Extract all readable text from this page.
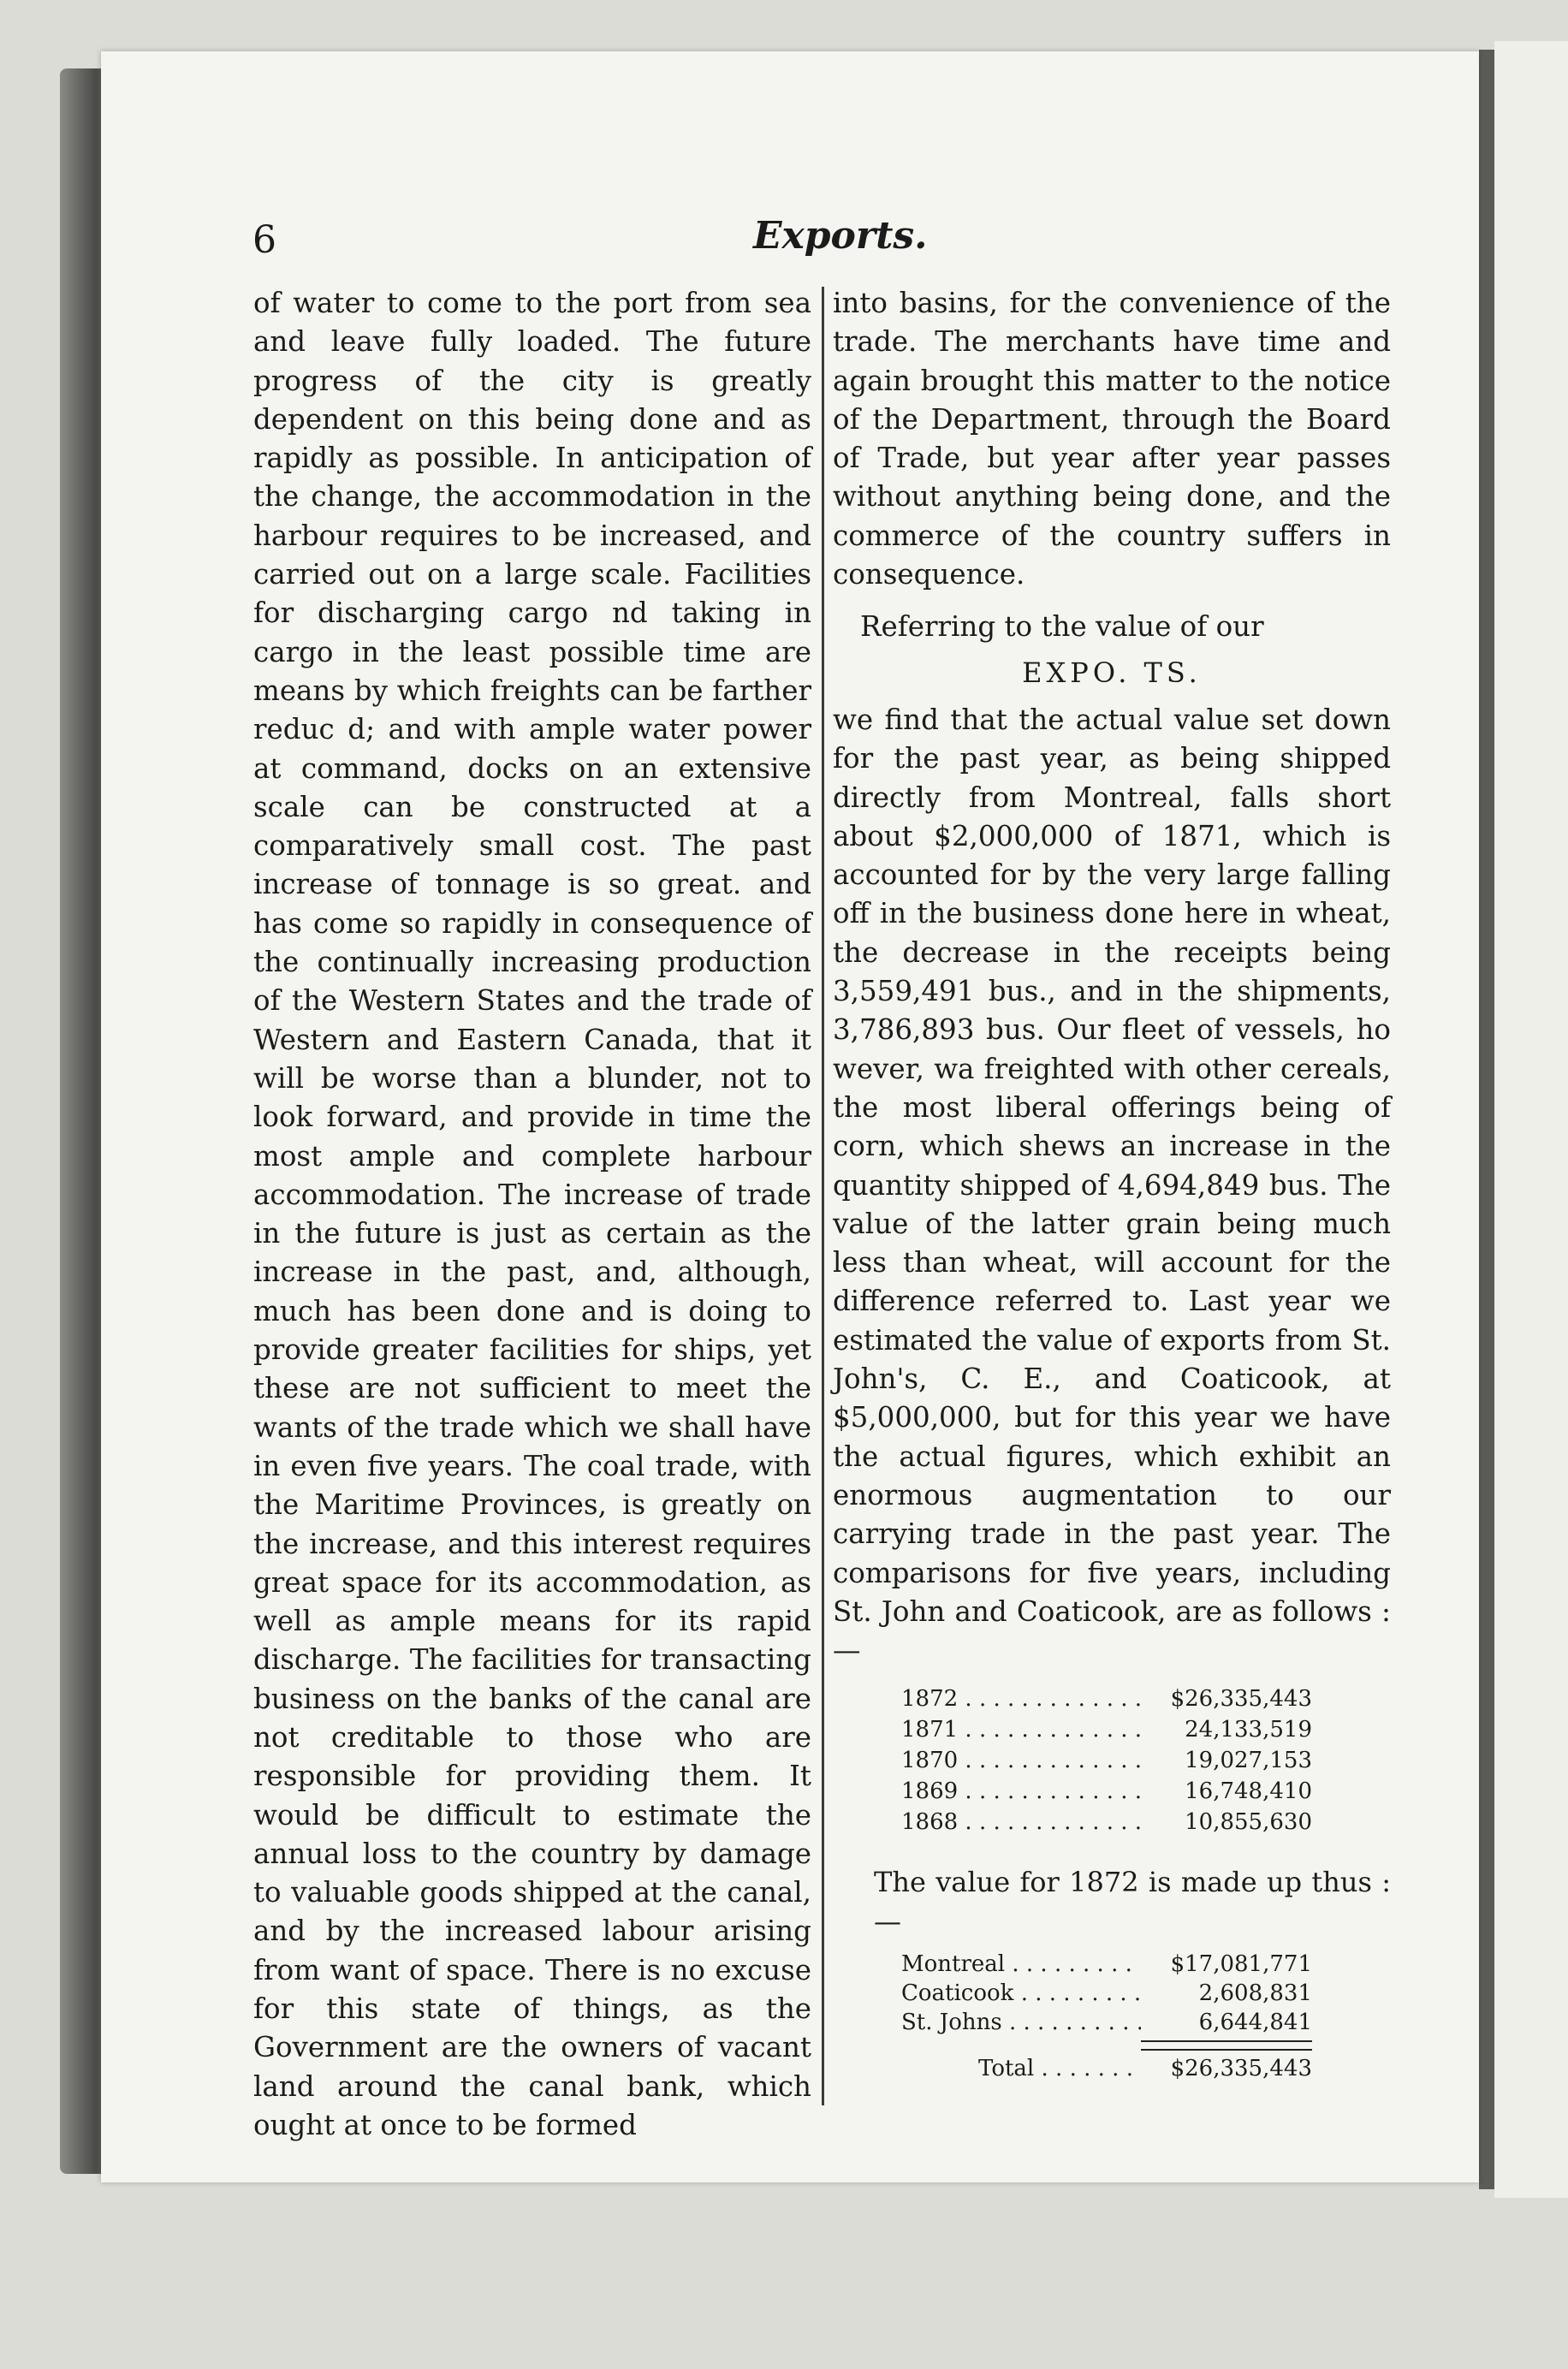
6	Exports.

of water to come to the port from sea and leave fully loaded. The future progress of the city is greatly dependent on this being done and as rapidly as possible. In anticipation of the change, the accommodation in the harbour requires to be increased, and carried out on a large scale. Facilities for discharging cargo nd taking in cargo in the least possible time are means by which freights can be farther reduc d; and with ample water power at command, docks on an extensive scale can be constructed at a comparatively small cost. The past increase of tonnage is so great. and has come so rapidly in consequence of the continually increasing production of the Western States and the trade of Western and Eastern Canada, that it will be worse than a blunder, not to look forward, and provide in time the most ample and complete harbour accommodation. The increase of trade in the future is just as certain as the increase in the past, and, although, much has been done and is doing to provide greater facilities for ships, yet these are not sufficient to meet the wants of the trade which we shall have in even five years. The coal trade, with the Maritime Provinces, is greatly on the increase, and this interest requires great space for its accommodation, as well as ample means for its rapid discharge. The facilities for transacting business on the banks of the canal are not creditable to those who are responsible for providing them. It would be difficult to estimate the annual loss to the country by damage to valuable goods shipped at the canal, and by the increased labour arising from want of space. There is no excuse for this state of things, as the Government are the owners of vacant land around the canal bank, which ought at once to be formed

into basins, for the convenience of the trade. The merchants have time and again brought this matter to the notice of the Department, through the Board of Trade, but year after year passes without anything being done, and the commerce of the country suffers in consequence.

Referring to the value of our

EXPO. TS.

we find that the actual value set down for the past year, as being shipped directly from Montreal, falls short about $2,000,000 of 1871, which is accounted for by the very large falling off in the business done here in wheat, the decrease in the receipts being 3,559,491 bus., and in the shipments, 3,786,893 bus. Our fleet of vessels, ho wever, wa freighted with other cereals, the most liberal offerings being of corn, which shews an increase in the quantity shipped of 4,694,849 bus. The value of the latter grain being much less than wheat, will account for the difference referred to. Last year we estimated the value of exports from St. John's, C. E., and Coaticook, at $5,000,000, but for this year we have the actual figures, which exhibit an enormous augmentation to our carrying trade in the past year. The comparisons for five years, including St. John and Coaticook, are as follows :—

1872 . . .	$26,335,443
1871 . . .	24,133,519
1870 . . .	19,027,153
1869 . . .	16,748,410
1868 . . .	10,855,630

The value for 1872 is made up thus :—

Montreal . . .	$17,081,771
Coaticook . . .	2,608,831
St. Johns . . .	6,644,841
Total . . .	$26,335,443
